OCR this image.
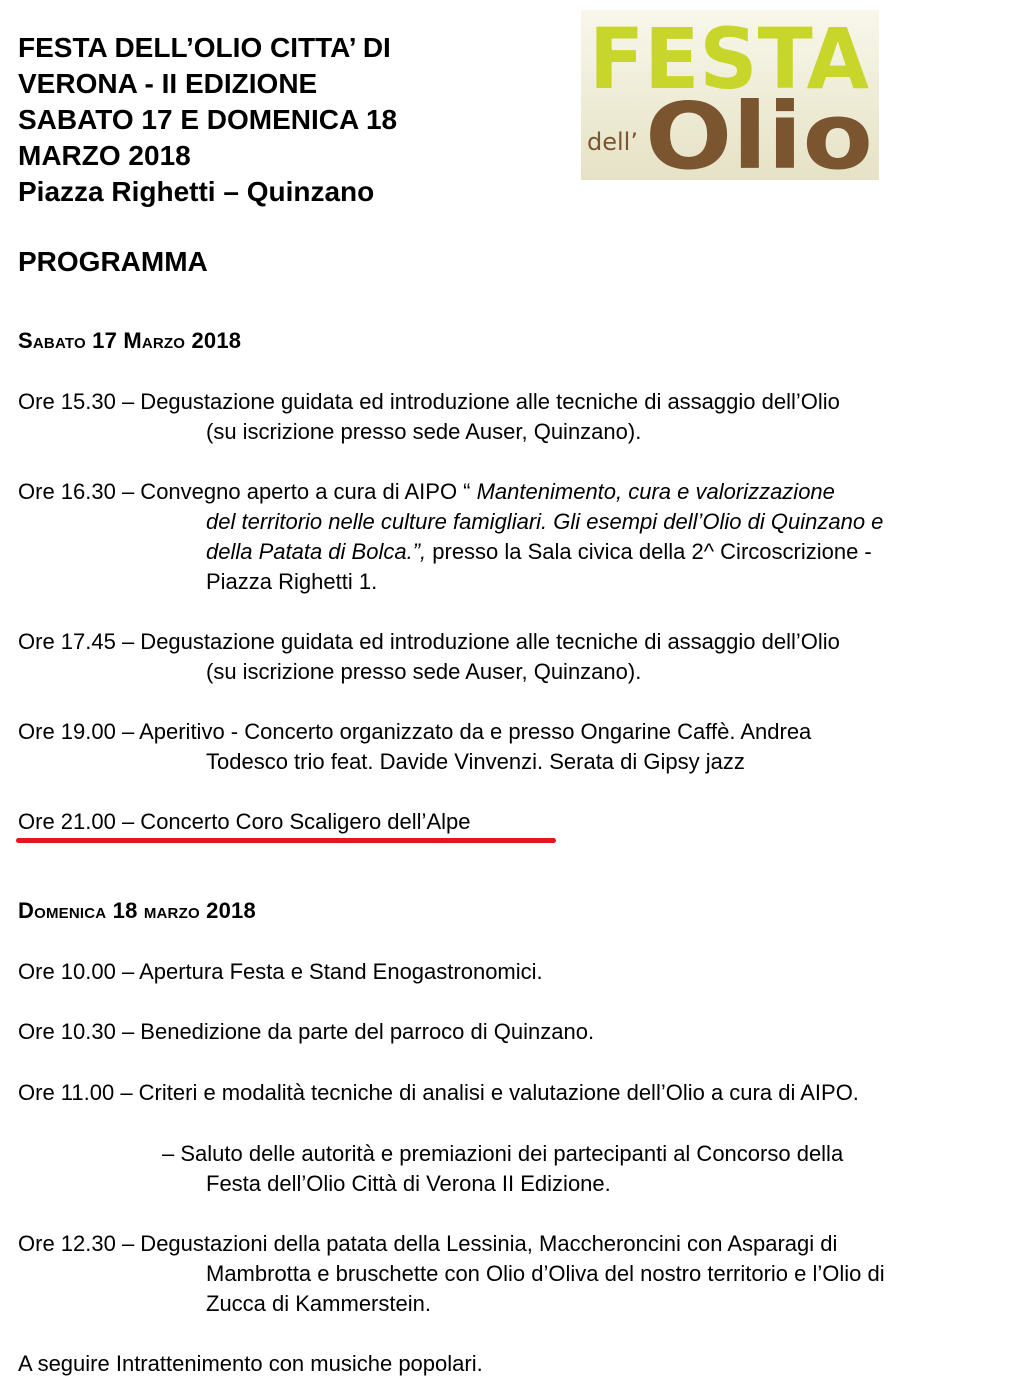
FESTA DELL’OLIO CITTA’ DI
VERONA - II EDIZIONE
SABATO 17 E DOMENICA 18
MARZO 2018
Piazza Righetti – Quinzano
FESTA
dell’ Olio
PROGRAMMA
Sabato 17 Marzo 2018
Ore 15.30 – Degustazione guidata ed introduzione alle tecniche di assaggio dell’Olio
(su iscrizione presso sede Auser, Quinzano).
Ore 16.30 – Convegno aperto a cura di AIPO “ Mantenimento, cura e valorizzazione
del territorio nelle culture famigliari. Gli esempi dell’Olio di Quinzano e
della Patata di Bolca.”, presso la Sala civica della 2^ Circoscrizione -
Piazza Righetti 1.
Ore 17.45 – Degustazione guidata ed introduzione alle tecniche di assaggio dell’Olio
(su iscrizione presso sede Auser, Quinzano).
Ore 19.00 – Aperitivo - Concerto organizzato da e presso Ongarine Caffè. Andrea
Todesco trio feat. Davide Vinvenzi. Serata di Gipsy jazz
Ore 21.00 – Concerto Coro Scaligero dell’Alpe
Domenica 18 marzo 2018
Ore 10.00 – Apertura Festa e Stand Enogastronomici.
Ore 10.30 – Benedizione da parte del parroco di Quinzano.
Ore 11.00 – Criteri e modalità tecniche di analisi e valutazione dell’Olio a cura di AIPO.
– Saluto delle autorità e premiazioni dei partecipanti al Concorso della
Festa dell’Olio Città di Verona II Edizione.
Ore 12.30 – Degustazioni della patata della Lessinia, Maccheroncini con Asparagi di
Mambrotta e bruschette con Olio d’Oliva del nostro territorio e l’Olio di
Zucca di Kammerstein.
A seguire Intrattenimento con musiche popolari.
